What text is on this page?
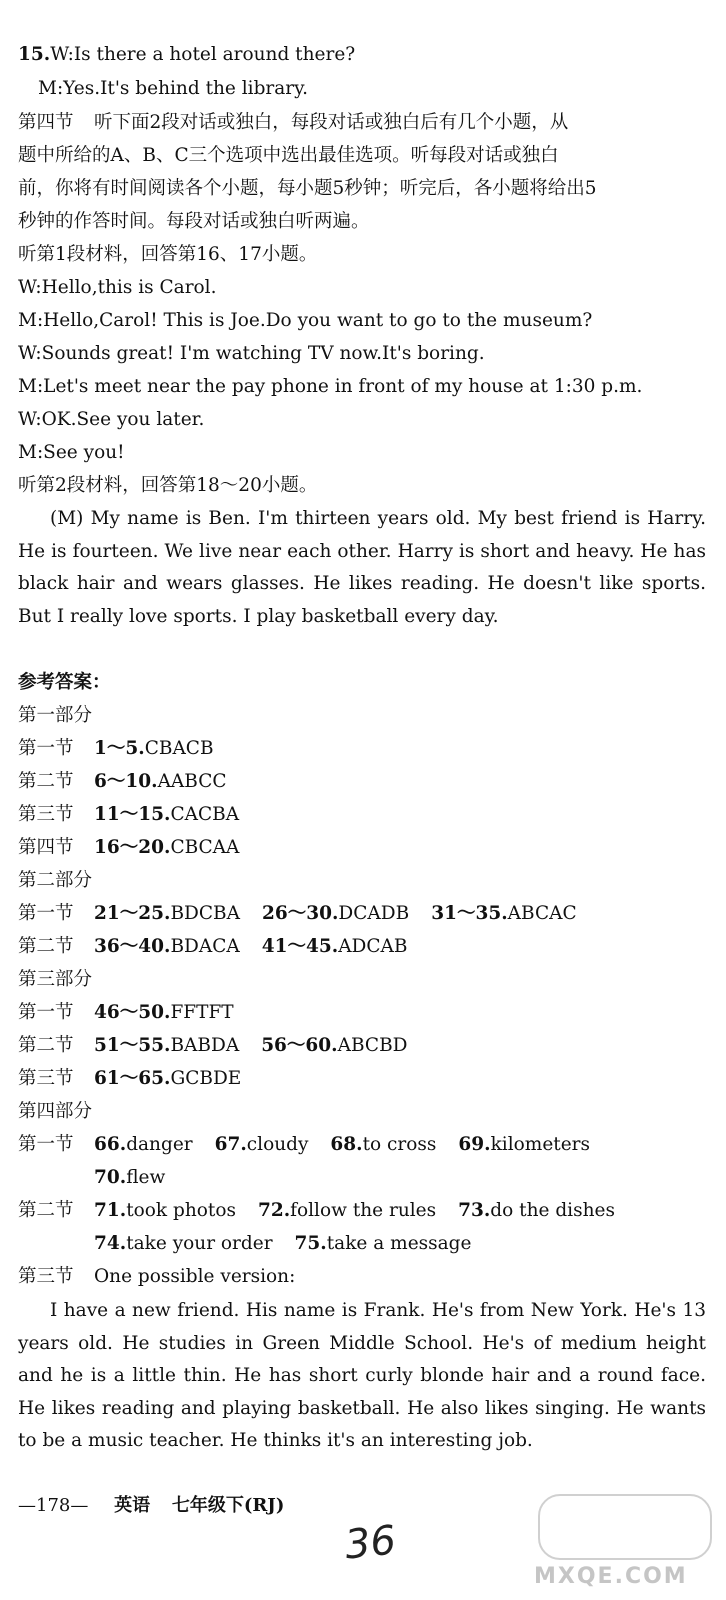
15.W:Is there a hotel around there?
M:Yes.It's behind the library.
第四节 听下面2段对话或独白，每段对话或独白后有几个小题，从
题中所给的A、B、C三个选项中选出最佳选项。听每段对话或独白
前，你将有时间阅读各个小题，每小题5秒钟；听完后，各小题将给出5
秒钟的作答时间。每段对话或独白听两遍。
听第1段材料，回答第16、17小题。
W:Hello,this is Carol.
M:Hello,Carol! This is Joe.Do you want to go to the museum?
W:Sounds great! I'm watching TV now.It's boring.
M:Let's meet near the pay phone in front of my house at 1:30 p.m.
W:OK.See you later.
M:See you!
听第2段材料，回答第18～20小题。
(M) My name is Ben. I'm thirteen years old. My best friend is Harry. He is fourteen. We live near each other. Harry is short and heavy. He has black hair and wears glasses. He likes reading. He doesn't like sports. But I really love sports. I play basketball every day.
参考答案：
第一部分
第一节 1～5.CBACB
第二节 6～10.AABCC
第三节 11～15.CACBA
第四节 16～20.CBCAA
第二部分
第一节 21～25.BDCBA 26～30.DCADB 31～35.ABCAC
第二节 36～40.BDACA 41～45.ADCAB
第三部分
第一节 46～50.FFTFT
第二节 51～55.BABDA 56～60.ABCBD
第三节 61～65.GCBDE
第四部分
第一节 66.danger 67.cloudy 68.to cross 69.kilometers
70.flew
第二节 71.took photos 72.follow the rules 73.do the dishes
74.take your order 75.take a message
第三节 One possible version:
I have a new friend. His name is Frank. He's from New York. He's 13 years old. He studies in Green Middle School. He's of medium height and he is a little thin. He has short curly blonde hair and a round face. He likes reading and playing basketball. He also likes singing. He wants to be a music teacher. He thinks it's an interesting job.
—178— 英语 七年级下(RJ)
36
MXQE.COM
